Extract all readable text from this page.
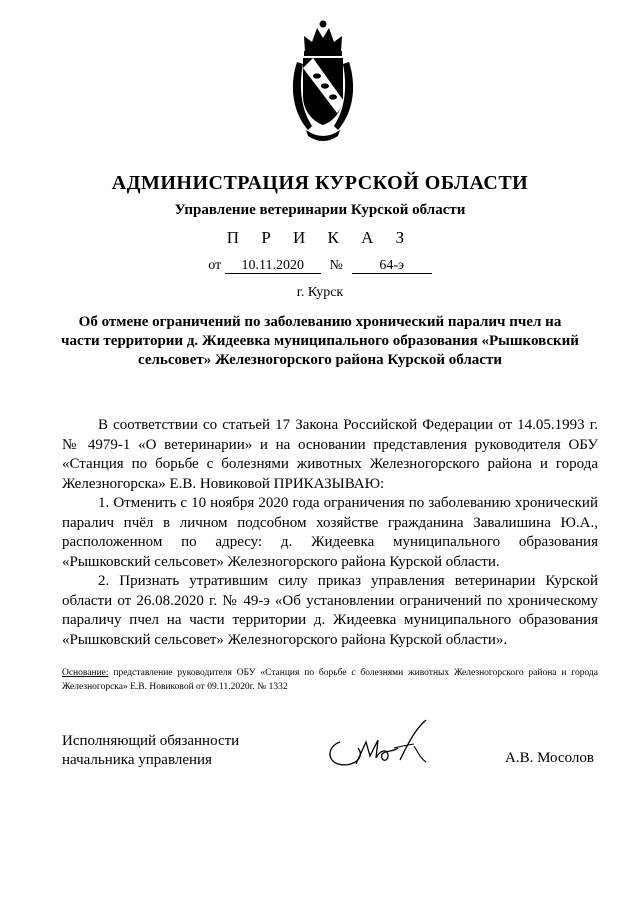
АДМИНИСТРАЦИЯ КУРСКОЙ ОБЛАСТИ
Управление ветеринарии Курской области
П Р И К А З
от 10.11.2020 №	64-э
г. Курск
Об отмене ограничений по заболеванию хронический паралич пчел на части территории д. Жидеевка муниципального образования «Рышковский сельсовет» Железногорского района Курской области

В соответствии со статьей 17 Закона Российской Федерации от 14.05.1993 г. № 4979-1 «О ветеринарии» и на основании представления руководителя ОБУ «Станция по борьбе с болезнями животных Железногорского района и города Железногорска» Е.В. Новиковой ПРИКАЗЫВАЮ:

1. Отменить с 10 ноября 2020 года ограничения по заболеванию хронический паралич пчёл в личном подсобном хозяйстве гражданина Завалишина Ю.А., расположенном по адресу: д. Жидеевка муниципального образования «Рышковский сельсовет» Железногорского района Курской области.

2. Признать утратившим силу приказ управления ветеринарии Курской области от 26.08.2020 г. № 49-э «Об установлении ограничений по хроническому параличу пчел на части территории д. Жидеевка муниципального образования «Рышковский сельсовет» Железногорского района Курской области».

Основание: представление руководителя ОБУ «Станция по борьбе с болезнями животных Железногорского района и города Железногорска» Е.В. Новиковой от 09.11.2020г. № 1332
Исполняющий обязанности
начальника управления	А.В. Мосолов
